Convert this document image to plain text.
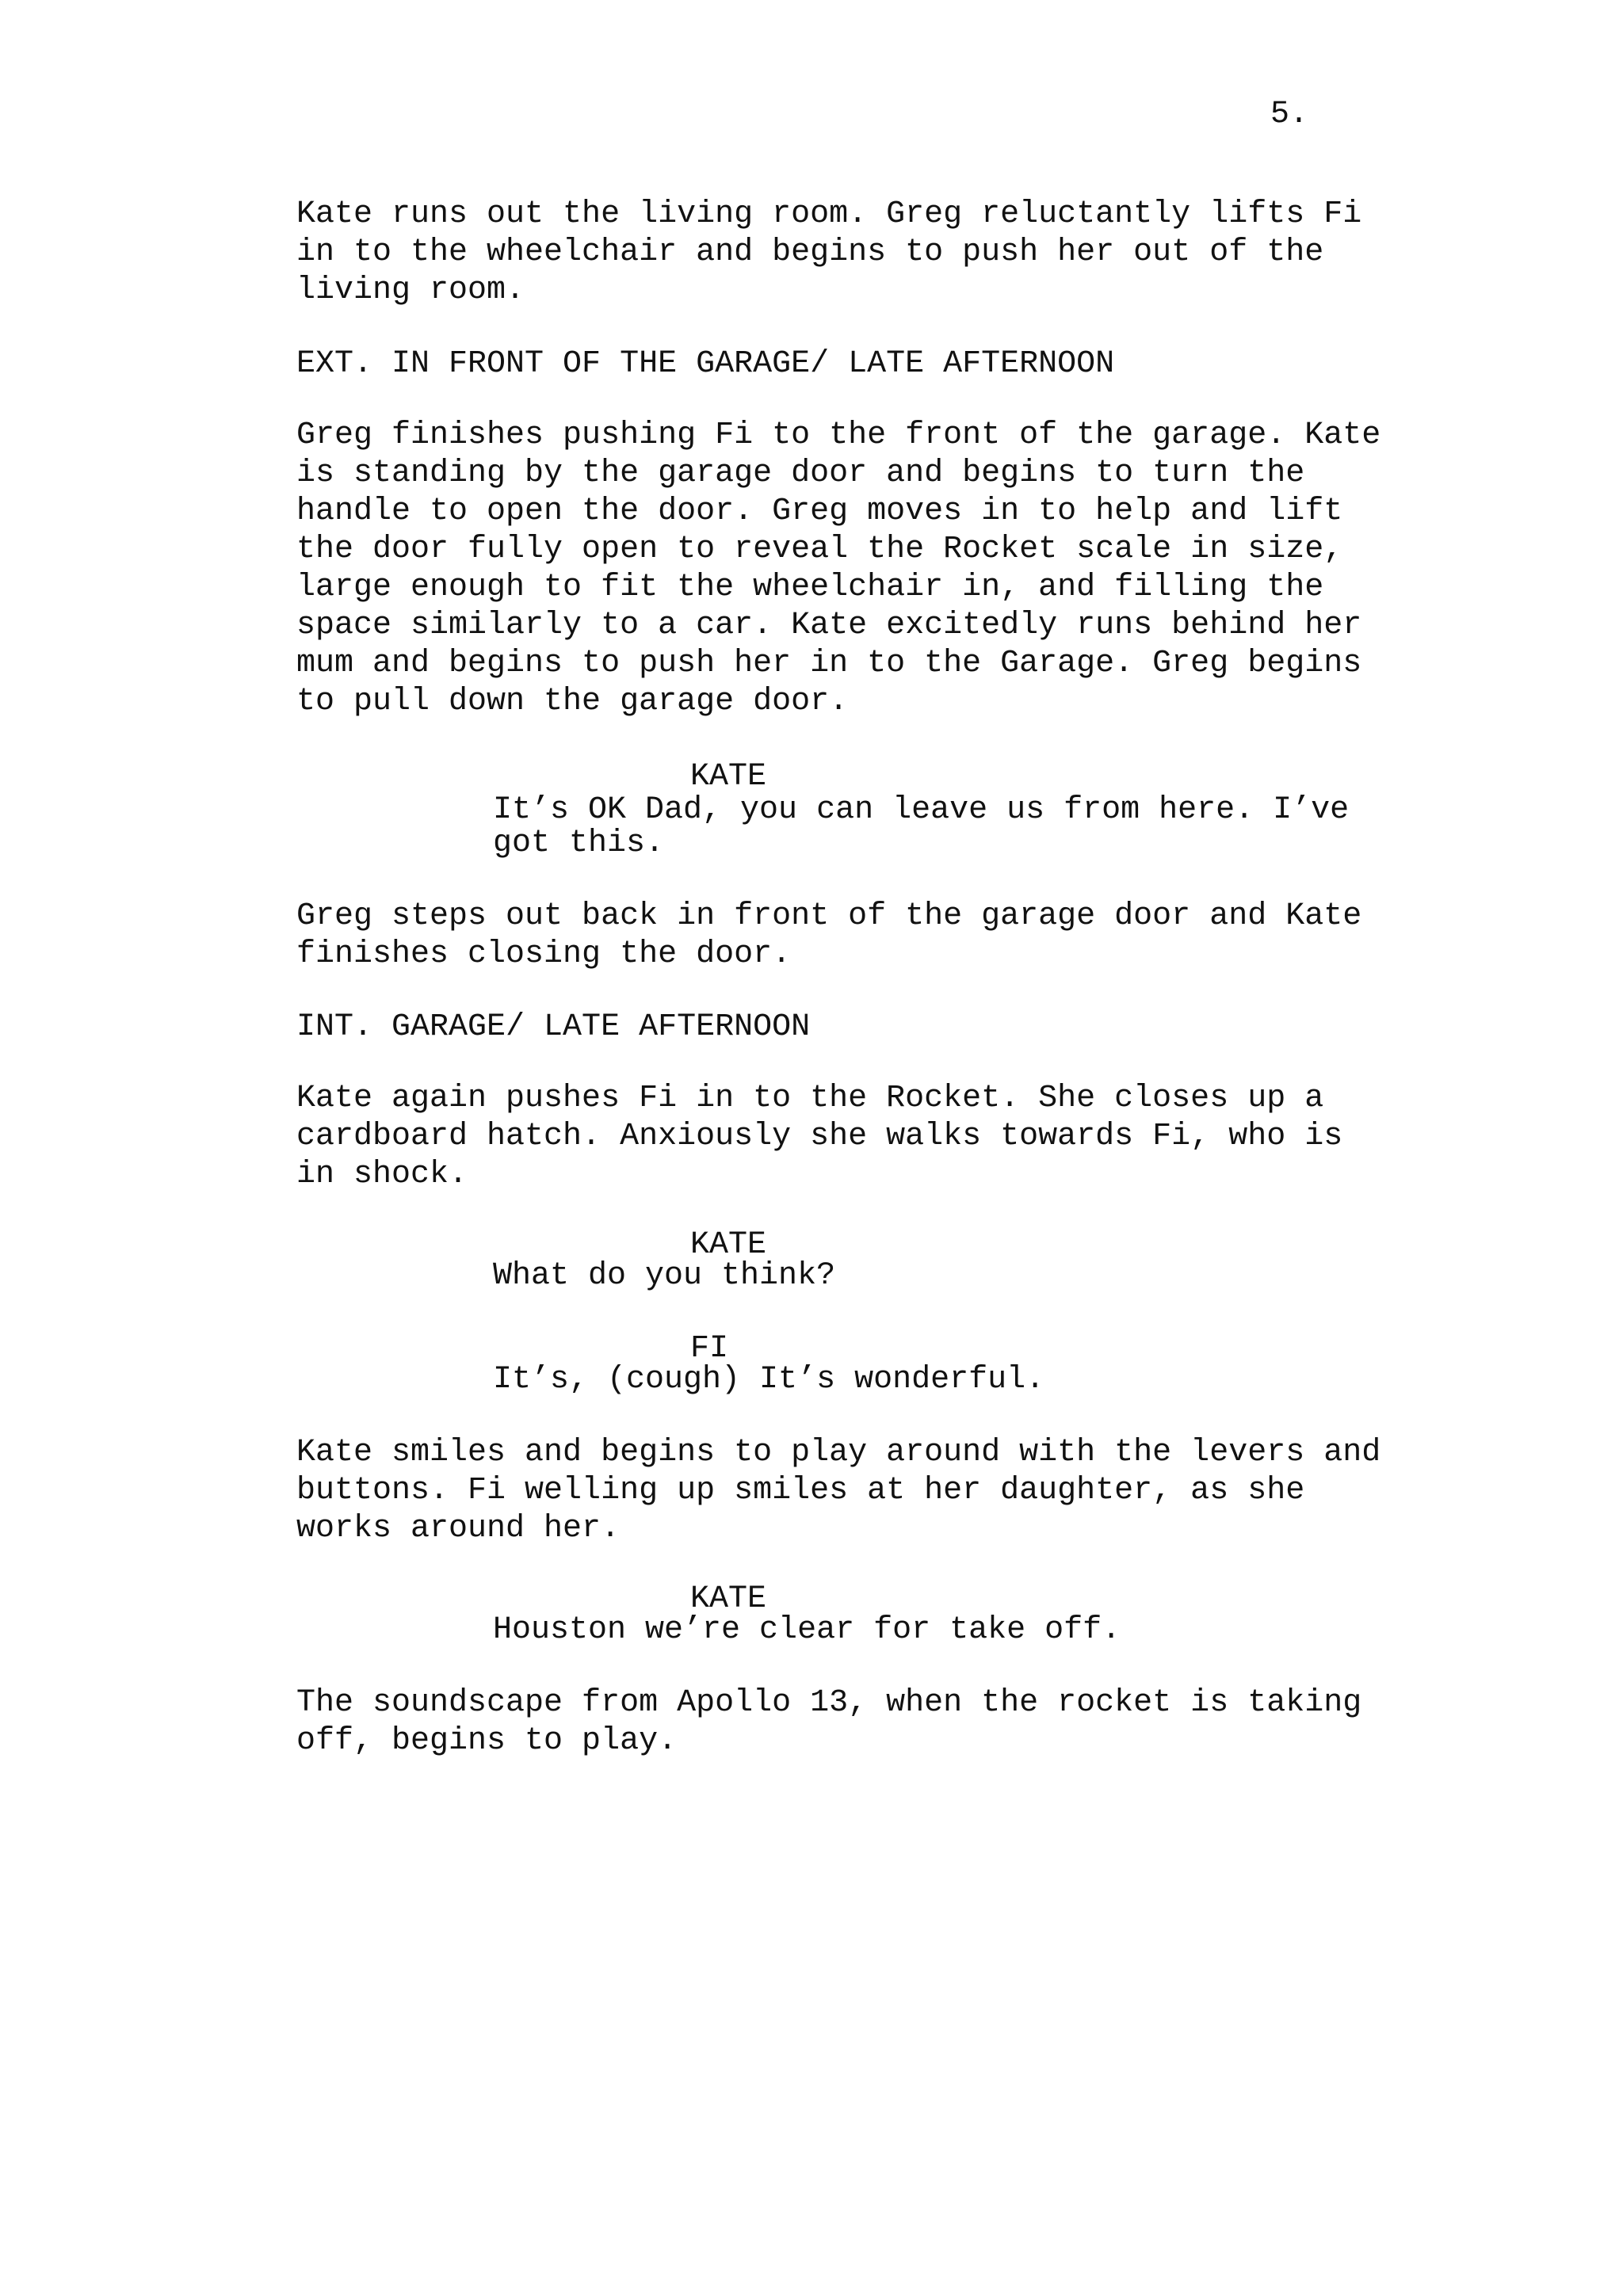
5.

Kate runs out the living room. Greg reluctantly lifts Fi
in to the wheelchair and begins to push her out of the
living room.

EXT. IN FRONT OF THE GARAGE/ LATE AFTERNOON

Greg finishes pushing Fi to the front of the garage. Kate
is standing by the garage door and begins to turn the
handle to open the door. Greg moves in to help and lift
the door fully open to reveal the Rocket scale in size,
large enough to fit the wheelchair in, and filling the
space similarly to a car. Kate excitedly runs behind her
mum and begins to push her in to the Garage. Greg begins
to pull down the garage door.

KATE

It’s OK Dad, you can leave us from here. I’ve
got this.

Greg steps out back in front of the garage door and Kate
finishes closing the door.

INT. GARAGE/ LATE AFTERNOON

Kate again pushes Fi in to the Rocket. She closes up a
cardboard hatch. Anxiously she walks towards Fi, who is
in shock.

KATE

What do you think?

FI

It’s, (cough) It’s wonderful.

Kate smiles and begins to play around with the levers and
buttons. Fi welling up smiles at her daughter, as she
works around her.

KATE

Houston we’re clear for take off.

The soundscape from Apollo 13, when the rocket is taking
off, begins to play.
